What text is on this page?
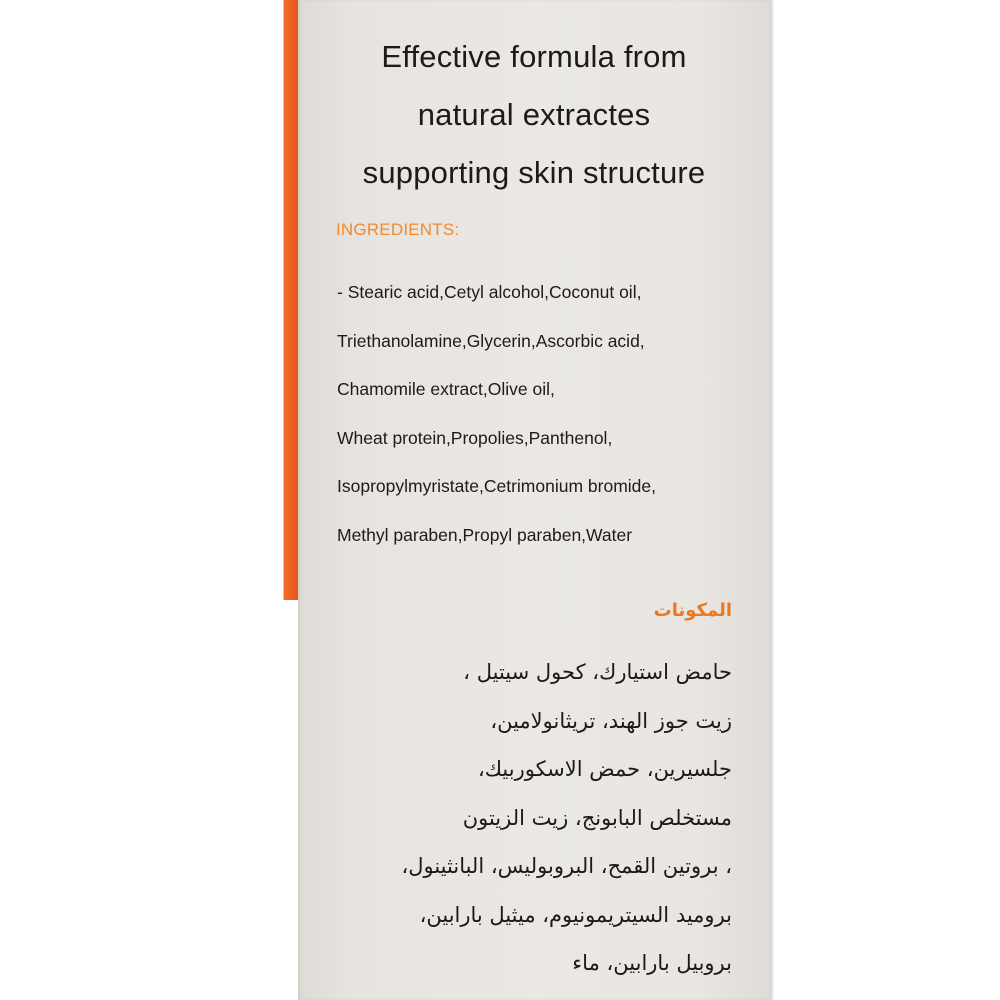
Effective formula from
natural extractes
supporting skin structure
INGREDIENTS:
- Stearic acid,Cetyl alcohol,Coconut oil,
Triethanolamine,Glycerin,Ascorbic acid,
Chamomile extract,Olive oil,
Wheat protein,Propolies,Panthenol,
Isopropylmyristate,Cetrimonium bromide,
Methyl paraben,Propyl paraben,Water
المكونات
حامض استيارك، كحول سيتيل ،
زيت جوز الهند، تريثانولامين،
جلسيرين، حمض الاسكوربيك،
مستخلص البابونج، زيت الزيتون
، بروتين القمح، البروبوليس، البانثينول،
بروميد السيتريمونيوم، ميثيل بارابين،
بروبيل بارابين، ماء
